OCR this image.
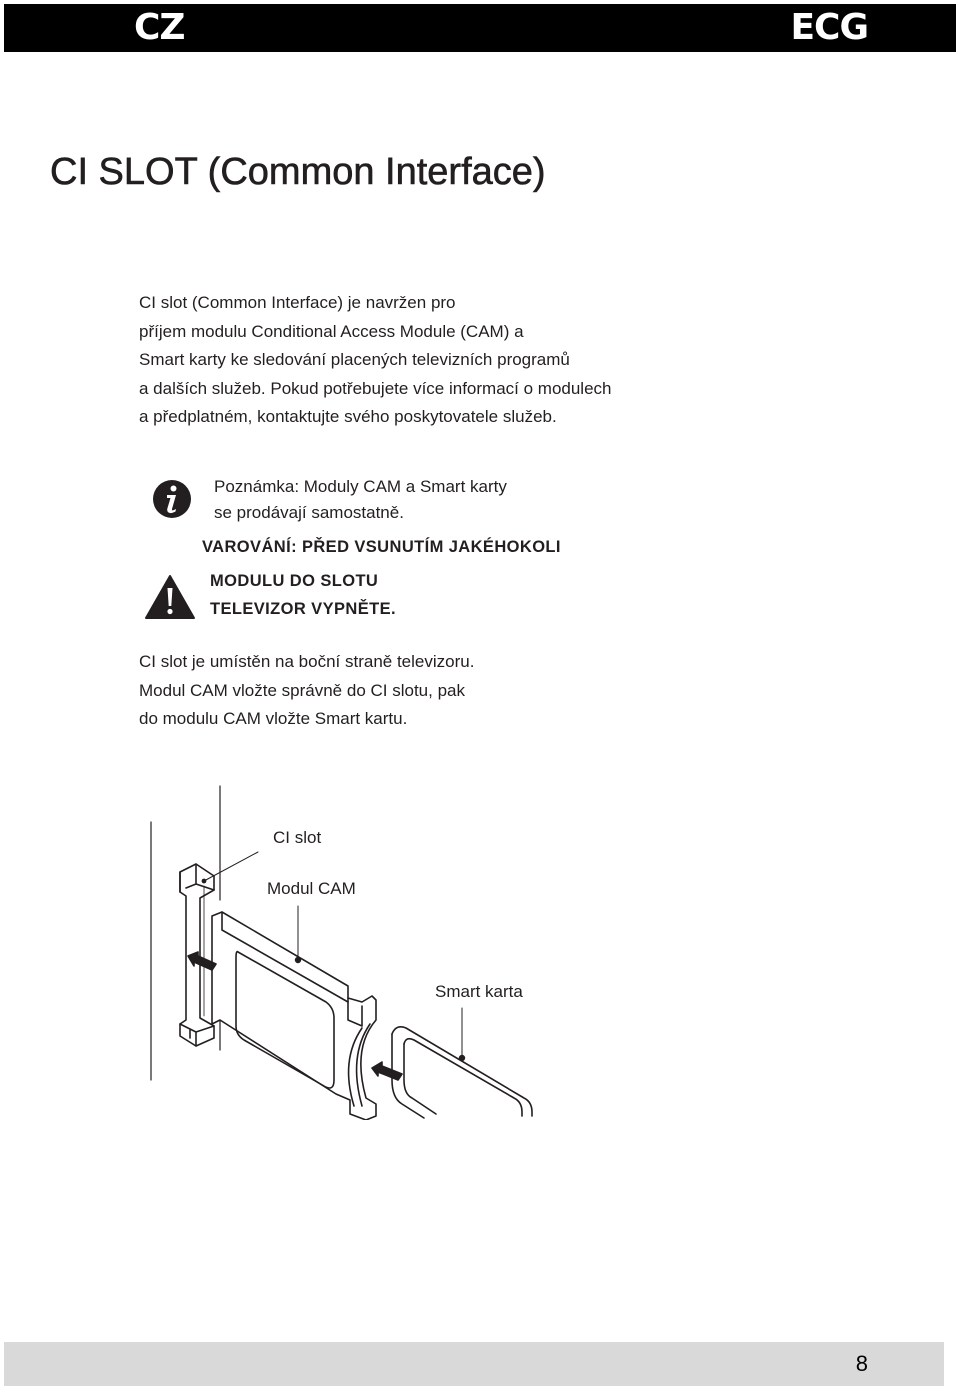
CZ	ECG
CI SLOT (Common Interface)

CI slot (Common Interface) je navržen pro
příjem modulu Conditional Access Module (CAM) a
Smart karty ke sledování placených televizních programů
a dalších služeb. Pokud potřebujete více informací o modulech
a předplatném, kontaktujte svého poskytovatele služeb.

Poznámka: Moduly CAM a Smart karty
se prodávají samostatně.

VAROVÁNÍ: PŘED VSUNUTÍM JAKÉHOKOLI

MODULU DO SLOTU
TELEVIZOR VYPNĚTE.

CI slot je umístěn na boční straně televizoru.
Modul CAM vložte správně do CI slotu, pak
do modulu CAM vložte Smart kartu.

CI slot
Modul CAM
Smart karta
8
